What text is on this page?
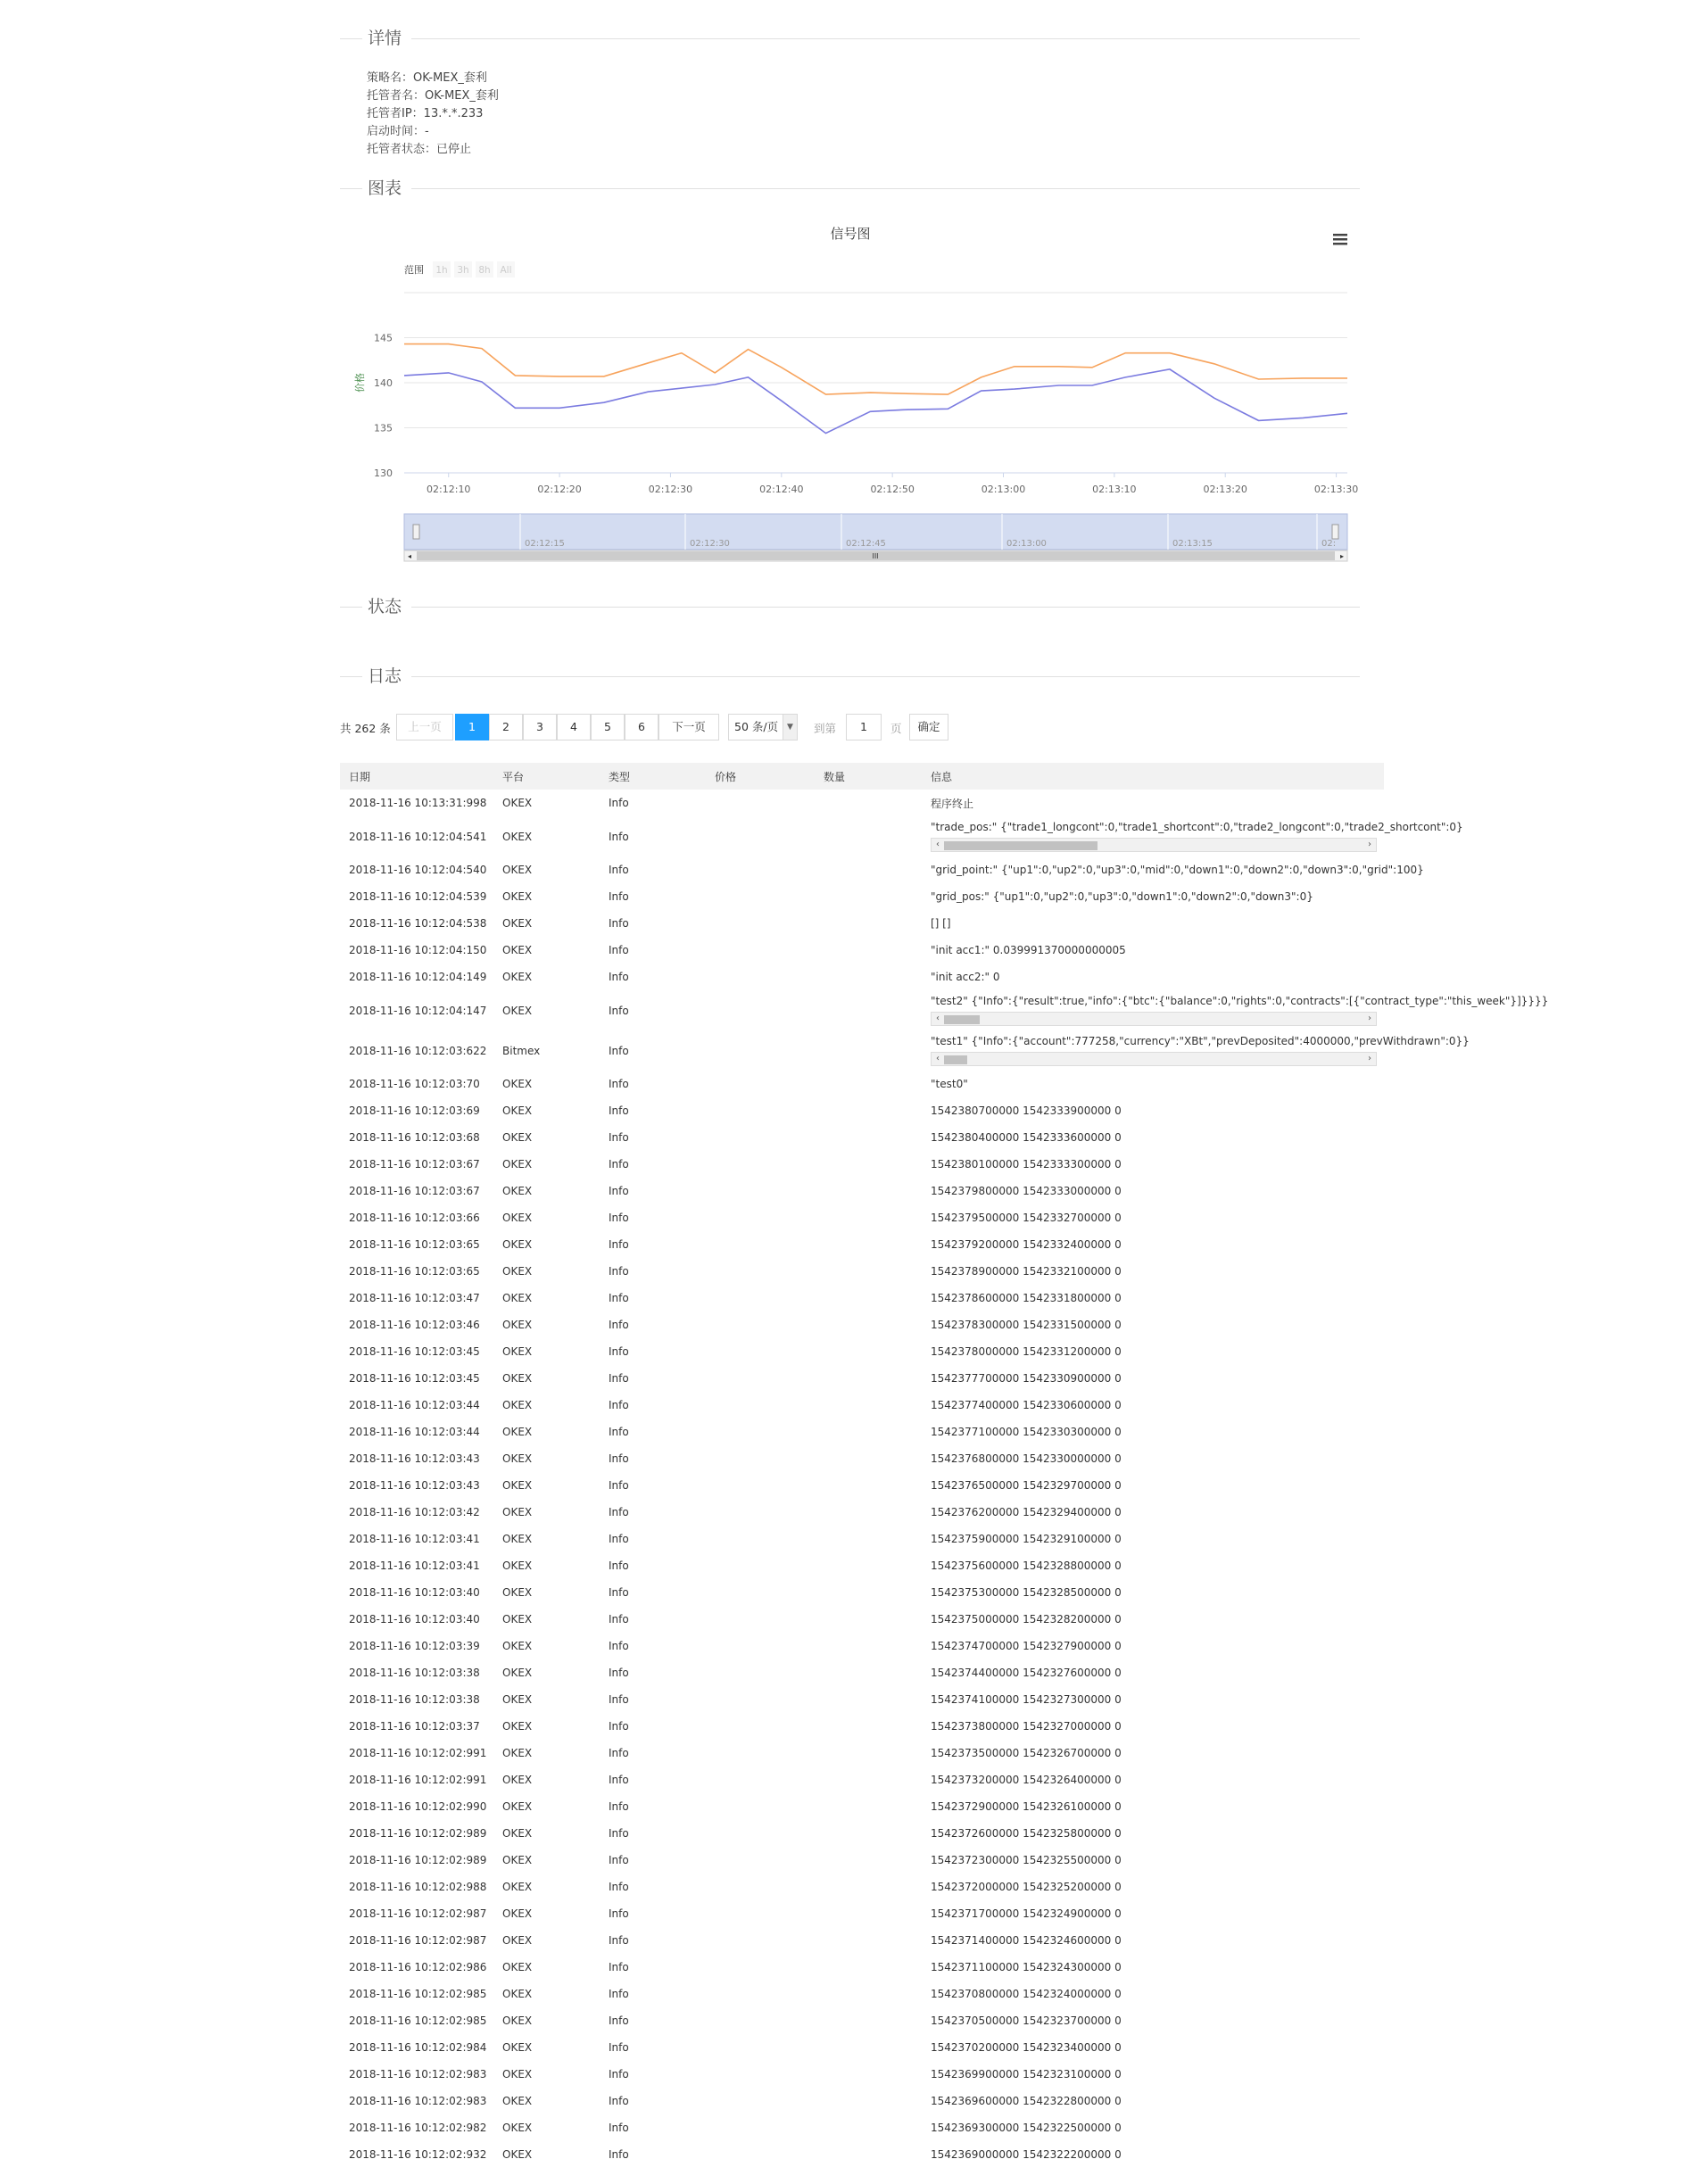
详情
策略名：OK-MEX_套利
托管者名：OK-MEX_套利
托管者IP：13.*.*.233
启动时间：-
托管者状态：已停止
图表
信号图
范围 1h 3h 8h All
130
135
140
145
价格
02:12:10	02:12:20	02:12:30	02:12:40	02:12:50	02:13:00	02:13:10	02:13:20	02:13:30
02:12:15	02:12:30	02:12:45	02:13:00	02:13:15	02:
◂	▸
III
状态
日志
共 262 条	上一页	1	2	3	4	5	6	下一页	50 条/页	▼	到第	1	页	确定
日期	平台	类型	价格	数量	信息
2018-11-16 10:13:31:998	OKEX	Info			程序终止
2018-11-16 10:12:04:541	OKEX	Info			"trade_pos:" {"trade1_longcont":0,"trade1_shortcont":0,"trade2_longcont":0,"trade2_shortcont":0}
‹ ›

2018-11-16 10:12:04:540	OKEX	Info			"grid_point:" {"up1":0,"up2":0,"up3":0,"mid":0,"down1":0,"down2":0,"down3":0,"grid":100}
2018-11-16 10:12:04:539	OKEX	Info			"grid_pos:" {"up1":0,"up2":0,"up3":0,"down1":0,"down2":0,"down3":0}
2018-11-16 10:12:04:538	OKEX	Info			[] []
2018-11-16 10:12:04:150	OKEX	Info			"init acc1:" 0.039991370000000005
2018-11-16 10:12:04:149	OKEX	Info			"init acc2:" 0
2018-11-16 10:12:04:147	OKEX	Info			"test2" {"Info":{"result":true,"info":{"btc":{"balance":0,"rights":0,"contracts":[{"contract_type":"this_week"}]}}}}
‹ ›

2018-11-16 10:12:03:622	Bitmex	Info			"test1" {"Info":{"account":777258,"currency":"XBt","prevDeposited":4000000,"prevWithdrawn":0}}
‹ ›

2018-11-16 10:12:03:70	OKEX	Info			"test0"
2018-11-16 10:12:03:69	OKEX	Info			1542380700000 1542333900000 0
2018-11-16 10:12:03:68	OKEX	Info			1542380400000 1542333600000 0
2018-11-16 10:12:03:67	OKEX	Info			1542380100000 1542333300000 0
2018-11-16 10:12:03:67	OKEX	Info			1542379800000 1542333000000 0
2018-11-16 10:12:03:66	OKEX	Info			1542379500000 1542332700000 0
2018-11-16 10:12:03:65	OKEX	Info			1542379200000 1542332400000 0
2018-11-16 10:12:03:65	OKEX	Info			1542378900000 1542332100000 0
2018-11-16 10:12:03:47	OKEX	Info			1542378600000 1542331800000 0
2018-11-16 10:12:03:46	OKEX	Info			1542378300000 1542331500000 0
2018-11-16 10:12:03:45	OKEX	Info			1542378000000 1542331200000 0
2018-11-16 10:12:03:45	OKEX	Info			1542377700000 1542330900000 0
2018-11-16 10:12:03:44	OKEX	Info			1542377400000 1542330600000 0
2018-11-16 10:12:03:44	OKEX	Info			1542377100000 1542330300000 0
2018-11-16 10:12:03:43	OKEX	Info			1542376800000 1542330000000 0
2018-11-16 10:12:03:43	OKEX	Info			1542376500000 1542329700000 0
2018-11-16 10:12:03:42	OKEX	Info			1542376200000 1542329400000 0
2018-11-16 10:12:03:41	OKEX	Info			1542375900000 1542329100000 0
2018-11-16 10:12:03:41	OKEX	Info			1542375600000 1542328800000 0
2018-11-16 10:12:03:40	OKEX	Info			1542375300000 1542328500000 0
2018-11-16 10:12:03:40	OKEX	Info			1542375000000 1542328200000 0
2018-11-16 10:12:03:39	OKEX	Info			1542374700000 1542327900000 0
2018-11-16 10:12:03:38	OKEX	Info			1542374400000 1542327600000 0
2018-11-16 10:12:03:38	OKEX	Info			1542374100000 1542327300000 0
2018-11-16 10:12:03:37	OKEX	Info			1542373800000 1542327000000 0
2018-11-16 10:12:02:991	OKEX	Info			1542373500000 1542326700000 0
2018-11-16 10:12:02:991	OKEX	Info			1542373200000 1542326400000 0
2018-11-16 10:12:02:990	OKEX	Info			1542372900000 1542326100000 0
2018-11-16 10:12:02:989	OKEX	Info			1542372600000 1542325800000 0
2018-11-16 10:12:02:989	OKEX	Info			1542372300000 1542325500000 0
2018-11-16 10:12:02:988	OKEX	Info			1542372000000 1542325200000 0
2018-11-16 10:12:02:987	OKEX	Info			1542371700000 1542324900000 0
2018-11-16 10:12:02:987	OKEX	Info			1542371400000 1542324600000 0
2018-11-16 10:12:02:986	OKEX	Info			1542371100000 1542324300000 0
2018-11-16 10:12:02:985	OKEX	Info			1542370800000 1542324000000 0
2018-11-16 10:12:02:985	OKEX	Info			1542370500000 1542323700000 0
2018-11-16 10:12:02:984	OKEX	Info			1542370200000 1542323400000 0
2018-11-16 10:12:02:983	OKEX	Info			1542369900000 1542323100000 0
2018-11-16 10:12:02:983	OKEX	Info			1542369600000 1542322800000 0
2018-11-16 10:12:02:982	OKEX	Info			1542369300000 1542322500000 0
2018-11-16 10:12:02:932	OKEX	Info			1542369000000 1542322200000 0
